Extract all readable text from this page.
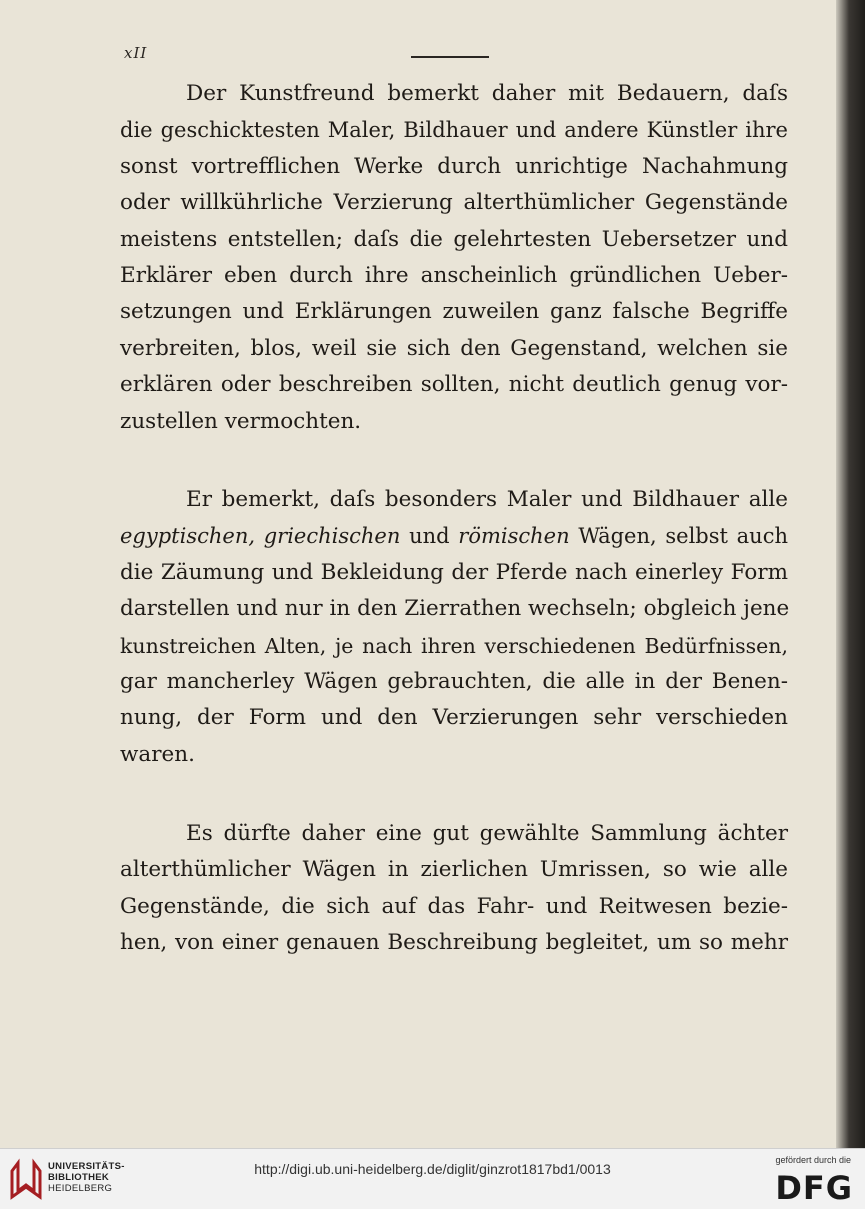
xII
Der Kunstfreund bemerkt daher mit Bedauern, daſs
die geschicktesten Maler, Bildhauer und andere Künstler ihre
sonst vortrefflichen Werke durch unrichtige Nachahmung
oder willkührliche Verzierung alterthümlicher Gegenstände
meistens entstellen; daſs die gelehrtesten Uebersetzer und
Erklärer eben durch ihre anscheinlich gründlichen Ueber-
setzungen und Erklärungen zuweilen ganz falsche Begriffe
verbreiten, blos, weil sie sich den Gegenstand, welchen sie
erklären oder beschreiben sollten, nicht deutlich genug vor-
zustellen vermochten.
Er bemerkt, daſs besonders Maler und Bildhauer alle
egyptischen, griechischen und römischen Wägen, selbst auch
die Zäumung und Bekleidung der Pferde nach einerley Form
darstellen und nur in den Zierrathen wechseln; obgleich jene
kunstreichen Alten, je nach ihren verschiedenen Bedürfnissen,
gar mancherley Wägen gebrauchten, die alle in der Benen-
nung, der Form und den Verzierungen sehr verschieden
waren.
Es dürfte daher eine gut gewählte Sammlung ächter
alterthümlicher Wägen in zierlichen Umrissen, so wie alle
Gegenstände, die sich auf das Fahr- und Reitwesen bezie-
hen, von einer genauen Beschreibung begleitet, um so mehr
UNIVERSITÄTS-
BIBLIOTHEK
HEIDELBERG
http://digi.ub.uni-heidelberg.de/diglit/ginzrot1817bd1/0013
gefördert durch die
DFG
